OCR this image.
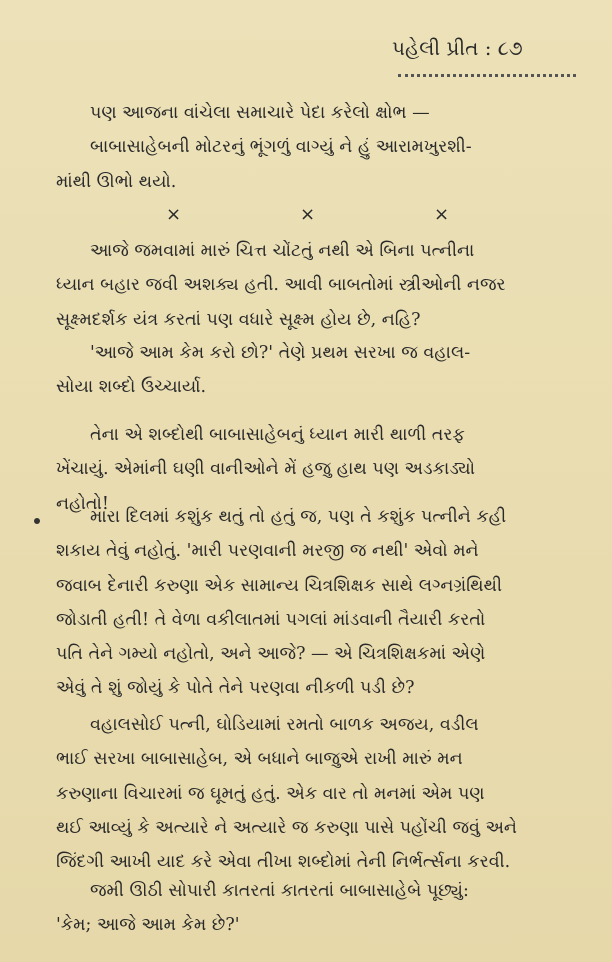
પહેલી પ્રીત : ૮૭
પણ આજના વાંચેલા સમાચારે પેદા કરેલો ક્ષોભ —
બાબાસાહેબની મોટરનું ભૂંગળું વાગ્યું ને હું આરામખુરશી-
માંથી ઊભો થયો.
×	×	×
આજે જમવામાં મારું ચિત્ત ચોંટતું નથી એ બિના પત્નીના
ધ્યાન બહાર જવી અશક્ય હતી. આવી બાબતોમાં સ્ત્રીઓની નજર
સૂક્ષ્મદર્શક યંત્ર કરતાં પણ વધારે સૂક્ષ્મ હોય છે, નહિ?
'આજે આમ કેમ કરો છો?' તેણે પ્રથમ સરખા જ વહાલ-
સોયા શબ્દો ઉચ્ચાર્યા.
તેના એ શબ્દોથી બાબાસાહેબનું ધ્યાન મારી થાળી તરફ
ખેંચાયું. એમાંની ઘણી વાનીઓને મેં હજુ હાથ પણ અડકાડ્યો
નહોતો!
મારા દિલમાં કશુંક થતું તો હતું જ, પણ તે કશુંક પત્નીને કહી
શકાય તેવું નહોતું. 'મારી પરણવાની મરજી જ નથી' એવો મને
જવાબ દેનારી કરુણા એક સામાન્ય ચિત્રશિક્ષક સાથે લગ્નગ્રંથિથી
જોડાતી હતી! તે વેળા વકીલાતમાં પગલાં માંડવાની તૈયારી કરતો
પતિ તેને ગમ્યો નહોતો, અને આજે? — એ ચિત્રશિક્ષકમાં એણે
એવું તે શું જોયું કે પોતે તેને પરણવા નીકળી પડી છે?
વહાલસોઈ પત્ની, ઘોડિયામાં રમતો બાળક અજય, વડીલ
ભાઈ સરખા બાબાસાહેબ, એ બધાને બાજુએ રાખી મારું મન
કરુણાના વિચારમાં જ ઘૂમતું હતું. એક વાર તો મનમાં એમ પણ
થઈ આવ્યું કે અત્યારે ને અત્યારે જ કરુણા પાસે પહોંચી જવું અને
જિંદગી આખી યાદ કરે એવા તીખા શબ્દોમાં તેની નિર્ભર્ત્સના કરવી.
જમી ઊઠી સોપારી કાતરતાં કાતરતાં બાબાસાહેબે પૂછ્યું:
'કેમ; આજે આમ કેમ છે?'
